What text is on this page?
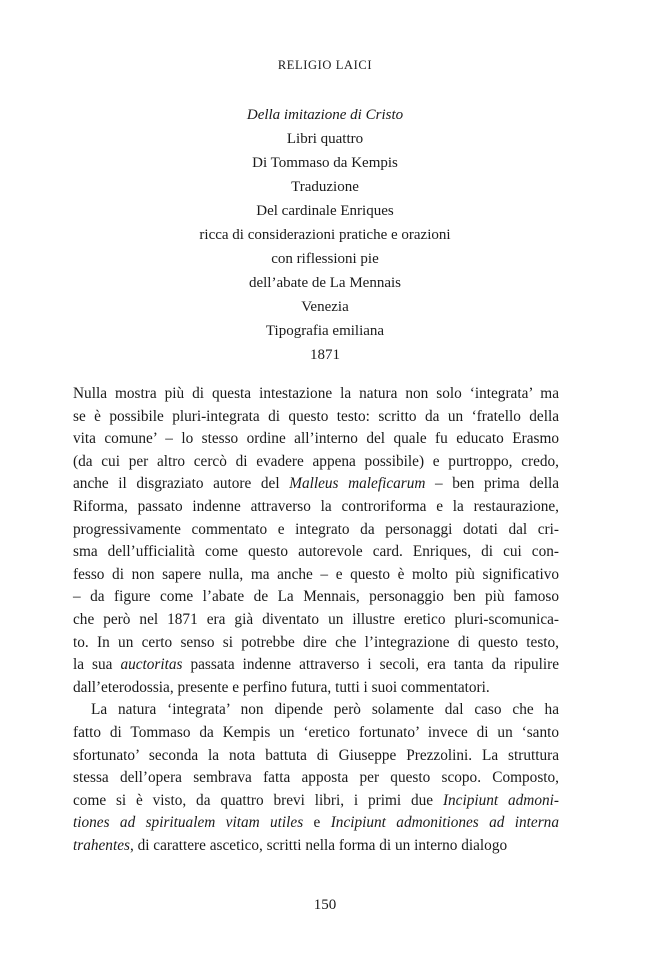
RELIGIO LAICI
Della imitazione di Cristo
Libri quattro
Di Tommaso da Kempis
Traduzione
Del cardinale Enriques
ricca di considerazioni pratiche e orazioni
con riflessioni pie
dell’abate de La Mennais
Venezia
Tipografia emiliana
1871
Nulla mostra più di questa intestazione la natura non solo ‘integrata’ ma
se è possibile pluri-integrata di questo testo: scritto da un ‘fratello della
vita comune’ – lo stesso ordine all’interno del quale fu educato Erasmo
(da cui per altro cercò di evadere appena possibile) e purtroppo, credo,
anche il disgraziato autore del Malleus maleficarum – ben prima della
Riforma, passato indenne attraverso la controriforma e la restaurazione,
progressivamente commentato e integrato da personaggi dotati dal cri-
sma dell’ufficialità come questo autorevole card. Enriques, di cui con-
fesso di non sapere nulla, ma anche – e questo è molto più significativo
– da figure come l’abate de La Mennais, personaggio ben più famoso
che però nel 1871 era già diventato un illustre eretico pluri-scomunica-
to. In un certo senso si potrebbe dire che l’integrazione di questo testo,
la sua auctoritas passata indenne attraverso i secoli, era tanta da ripulire
dall’eterodossia, presente e perfino futura, tutti i suoi commentatori.
La natura ‘integrata’ non dipende però solamente dal caso che ha
fatto di Tommaso da Kempis un ‘eretico fortunato’ invece di un ‘santo
sfortunato’ seconda la nota battuta di Giuseppe Prezzolini. La struttura
stessa dell’opera sembrava fatta apposta per questo scopo. Composto,
come si è visto, da quattro brevi libri, i primi due Incipiunt admoni-
tiones ad spiritualem vitam utiles e Incipiunt admonitiones ad interna
trahentes, di carattere ascetico, scritti nella forma di un interno dialogo
150
